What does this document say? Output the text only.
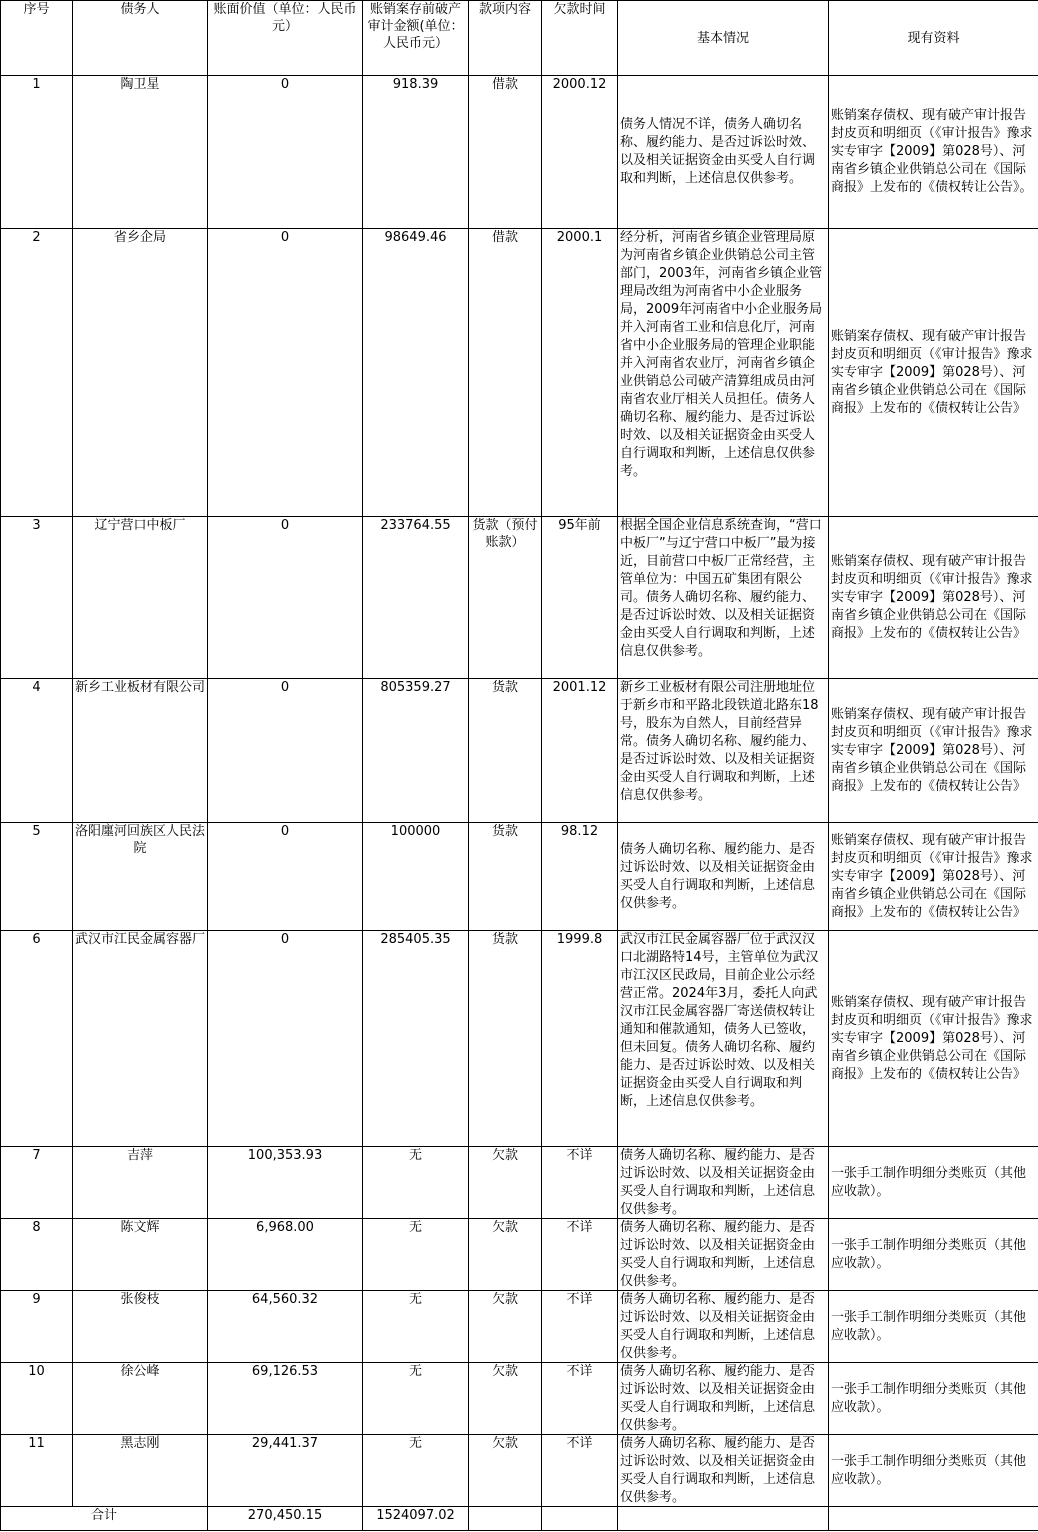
序号	债务人	账面价值（单位：人民币元）	账销案存前破产审计金额(单位：人民币元）	款项内容	欠款时间	基本情况	现有资料

1	陶卫星	0	918.39	借款	2000.12	债务人情况不详，债务人确切名称、履约能力、是否过诉讼时效、以及相关证据资金由买受人自行调取和判断，上述信息仅供参考。	账销案存债权、现有破产审计报告封皮页和明细页（《审计报告》豫求实专审字【2009】第028号）、河南省乡镇企业供销总公司在《国际商报》上发布的《债权转让公告》。

2	省乡企局	0	98649.46	借款	2000.1	经分析，河南省乡镇企业管理局原为河南省乡镇企业供销总公司主管部门，2003年，河南省乡镇企业管理局改组为河南省中小企业服务局，2009年河南省中小企业服务局并入河南省工业和信息化厅，河南省中小企业服务局的管理企业职能并入河南省农业厅，河南省乡镇企业供销总公司破产清算组成员由河南省农业厅相关人员担任。债务人确切名称、履约能力、是否过诉讼时效、以及相关证据资金由买受人自行调取和判断，上述信息仅供参考。	账销案存债权、现有破产审计报告封皮页和明细页（《审计报告》豫求实专审字【2009】第028号）、河南省乡镇企业供销总公司在《国际商报》上发布的《债权转让公告》

3	辽宁营口中板厂	0	233764.55	货款（预付账款）	95年前	根据全国企业信息系统查询，“营口中板厂”与辽宁营口中板厂”最为接近，目前营口中板厂正常经营，主管单位为：中国五矿集团有限公司。债务人确切名称、履约能力、是否过诉讼时效、以及相关证据资金由买受人自行调取和判断，上述信息仅供参考。	账销案存债权、现有破产审计报告封皮页和明细页（《审计报告》豫求实专审字【2009】第028号）、河南省乡镇企业供销总公司在《国际商报》上发布的《债权转让公告》

4	新乡工业板材有限公司	0	805359.27	货款	2001.12	新乡工业板材有限公司注册地址位于新乡市和平路北段铁道北路东18号，股东为自然人，目前经营异常。债务人确切名称、履约能力、是否过诉讼时效、以及相关证据资金由买受人自行调取和判断，上述信息仅供参考。	账销案存债权、现有破产审计报告封皮页和明细页（《审计报告》豫求实专审字【2009】第028号）、河南省乡镇企业供销总公司在《国际商报》上发布的《债权转让公告》

5	洛阳廛河回族区人民法院	0	100000	货款	98.12	债务人确切名称、履约能力、是否过诉讼时效、以及相关证据资金由买受人自行调取和判断，上述信息仅供参考。	账销案存债权、现有破产审计报告封皮页和明细页（《审计报告》豫求实专审字【2009】第028号）、河南省乡镇企业供销总公司在《国际商报》上发布的《债权转让公告》

6	武汉市江民金属容器厂	0	285405.35	货款	1999.8	武汉市江民金属容器厂位于武汉汉口北湖路特14号，主管单位为武汉市江汉区民政局，目前企业公示经营正常。2024年3月，委托人向武汉市江民金属容器厂寄送债权转让通知和催款通知，债务人已签收，但未回复。债务人确切名称、履约能力、是否过诉讼时效、以及相关证据资金由买受人自行调取和判断，上述信息仅供参考。	账销案存债权、现有破产审计报告封皮页和明细页（《审计报告》豫求实专审字【2009】第028号）、河南省乡镇企业供销总公司在《国际商报》上发布的《债权转让公告》

7	吉萍	100,353.93	无	欠款	不详	债务人确切名称、履约能力、是否过诉讼时效、以及相关证据资金由买受人自行调取和判断，上述信息仅供参考。	一张手工制作明细分类账页（其他应收款）。

8	陈文辉	6,968.00	无	欠款	不详	债务人确切名称、履约能力、是否过诉讼时效、以及相关证据资金由买受人自行调取和判断，上述信息仅供参考。	一张手工制作明细分类账页（其他应收款）。

9	张俊枝	64,560.32	无	欠款	不详	债务人确切名称、履约能力、是否过诉讼时效、以及相关证据资金由买受人自行调取和判断，上述信息仅供参考。	一张手工制作明细分类账页（其他应收款）。

10	徐公峰	69,126.53	无	欠款	不详	债务人确切名称、履约能力、是否过诉讼时效、以及相关证据资金由买受人自行调取和判断，上述信息仅供参考。	一张手工制作明细分类账页（其他应收款）。

11	黑志刚	29,441.37	无	欠款	不详	债务人确切名称、履约能力、是否过诉讼时效、以及相关证据资金由买受人自行调取和判断，上述信息仅供参考。	一张手工制作明细分类账页（其他应收款）。

合计		270,450.15	1524097.02				
